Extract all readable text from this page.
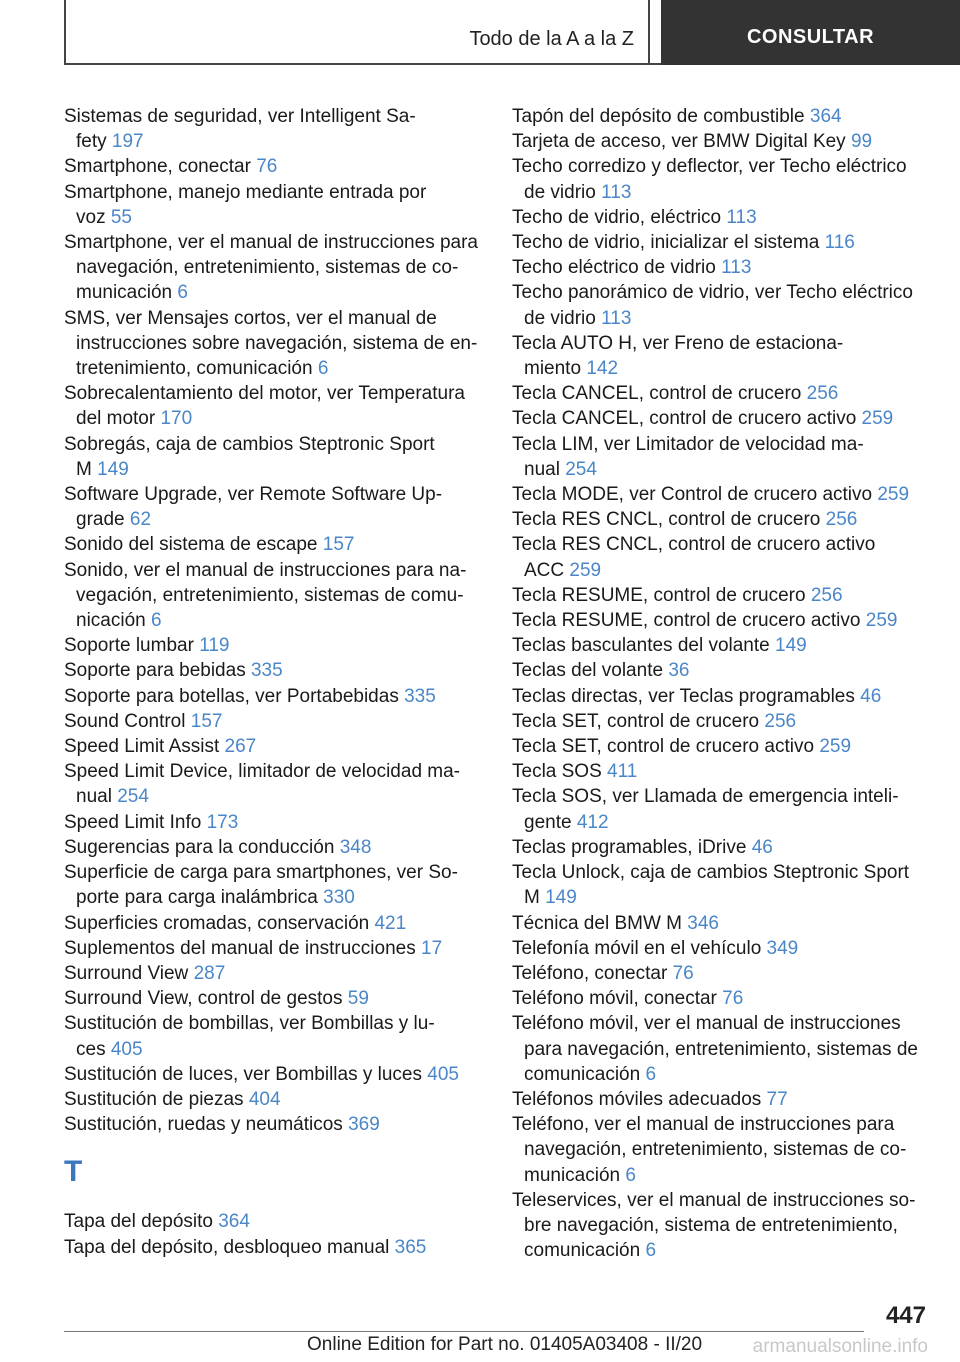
Todo de la A a la Z	CONSULTAR
Sistemas de seguridad, ver Intelligent Sa-
fety 197
Smartphone, conectar 76
Smartphone, manejo mediante entrada por
voz 55
Smartphone, ver el manual de instrucciones para
navegación, entretenimiento, sistemas de co-
municación 6
SMS, ver Mensajes cortos, ver el manual de
instrucciones sobre navegación, sistema de en-
tretenimiento, comunicación 6
Sobrecalentamiento del motor, ver Temperatura
del motor 170
Sobregás, caja de cambios Steptronic Sport
M 149
Software Upgrade, ver Remote Software Up-
grade 62
Sonido del sistema de escape 157
Sonido, ver el manual de instrucciones para na-
vegación, entretenimiento, sistemas de comu-
nicación 6
Soporte lumbar 119
Soporte para bebidas 335
Soporte para botellas, ver Portabebidas 335
Sound Control 157
Speed Limit Assist 267
Speed Limit Device, limitador de velocidad ma-
nual 254
Speed Limit Info 173
Sugerencias para la conducción 348
Superficie de carga para smartphones, ver So-
porte para carga inalámbrica 330
Superficies cromadas, conservación 421
Suplementos del manual de instrucciones 17
Surround View 287
Surround View, control de gestos 59
Sustitución de bombillas, ver Bombillas y lu-
ces 405
Sustitución de luces, ver Bombillas y luces 405
Sustitución de piezas 404
Sustitución, ruedas y neumáticos 369
T
Tapa del depósito 364
Tapa del depósito, desbloqueo manual 365
Tapón del depósito de combustible 364
Tarjeta de acceso, ver BMW Digital Key 99
Techo corredizo y deflector, ver Techo eléctrico
de vidrio 113
Techo de vidrio, eléctrico 113
Techo de vidrio, inicializar el sistema 116
Techo eléctrico de vidrio 113
Techo panorámico de vidrio, ver Techo eléctrico
de vidrio 113
Tecla AUTO H, ver Freno de estaciona-
miento 142
Tecla CANCEL, control de crucero 256
Tecla CANCEL, control de crucero activo 259
Tecla LIM, ver Limitador de velocidad ma-
nual 254
Tecla MODE, ver Control de crucero activo 259
Tecla RES CNCL, control de crucero 256
Tecla RES CNCL, control de crucero activo
ACC 259
Tecla RESUME, control de crucero 256
Tecla RESUME, control de crucero activo 259
Teclas basculantes del volante 149
Teclas del volante 36
Teclas directas, ver Teclas programables 46
Tecla SET, control de crucero 256
Tecla SET, control de crucero activo 259
Tecla SOS 411
Tecla SOS, ver Llamada de emergencia inteli-
gente 412
Teclas programables, iDrive 46
Tecla Unlock, caja de cambios Steptronic Sport
M 149
Técnica del BMW M 346
Telefonía móvil en el vehículo 349
Teléfono, conectar 76
Teléfono móvil, conectar 76
Teléfono móvil, ver el manual de instrucciones
para navegación, entretenimiento, sistemas de
comunicación 6
Teléfonos móviles adecuados 77
Teléfono, ver el manual de instrucciones para
navegación, entretenimiento, sistemas de co-
municación 6
Teleservices, ver el manual de instrucciones so-
bre navegación, sistema de entretenimiento,
comunicación 6
447
Online Edition for Part no. 01405A03408 - II/20	armanualsonline.info
